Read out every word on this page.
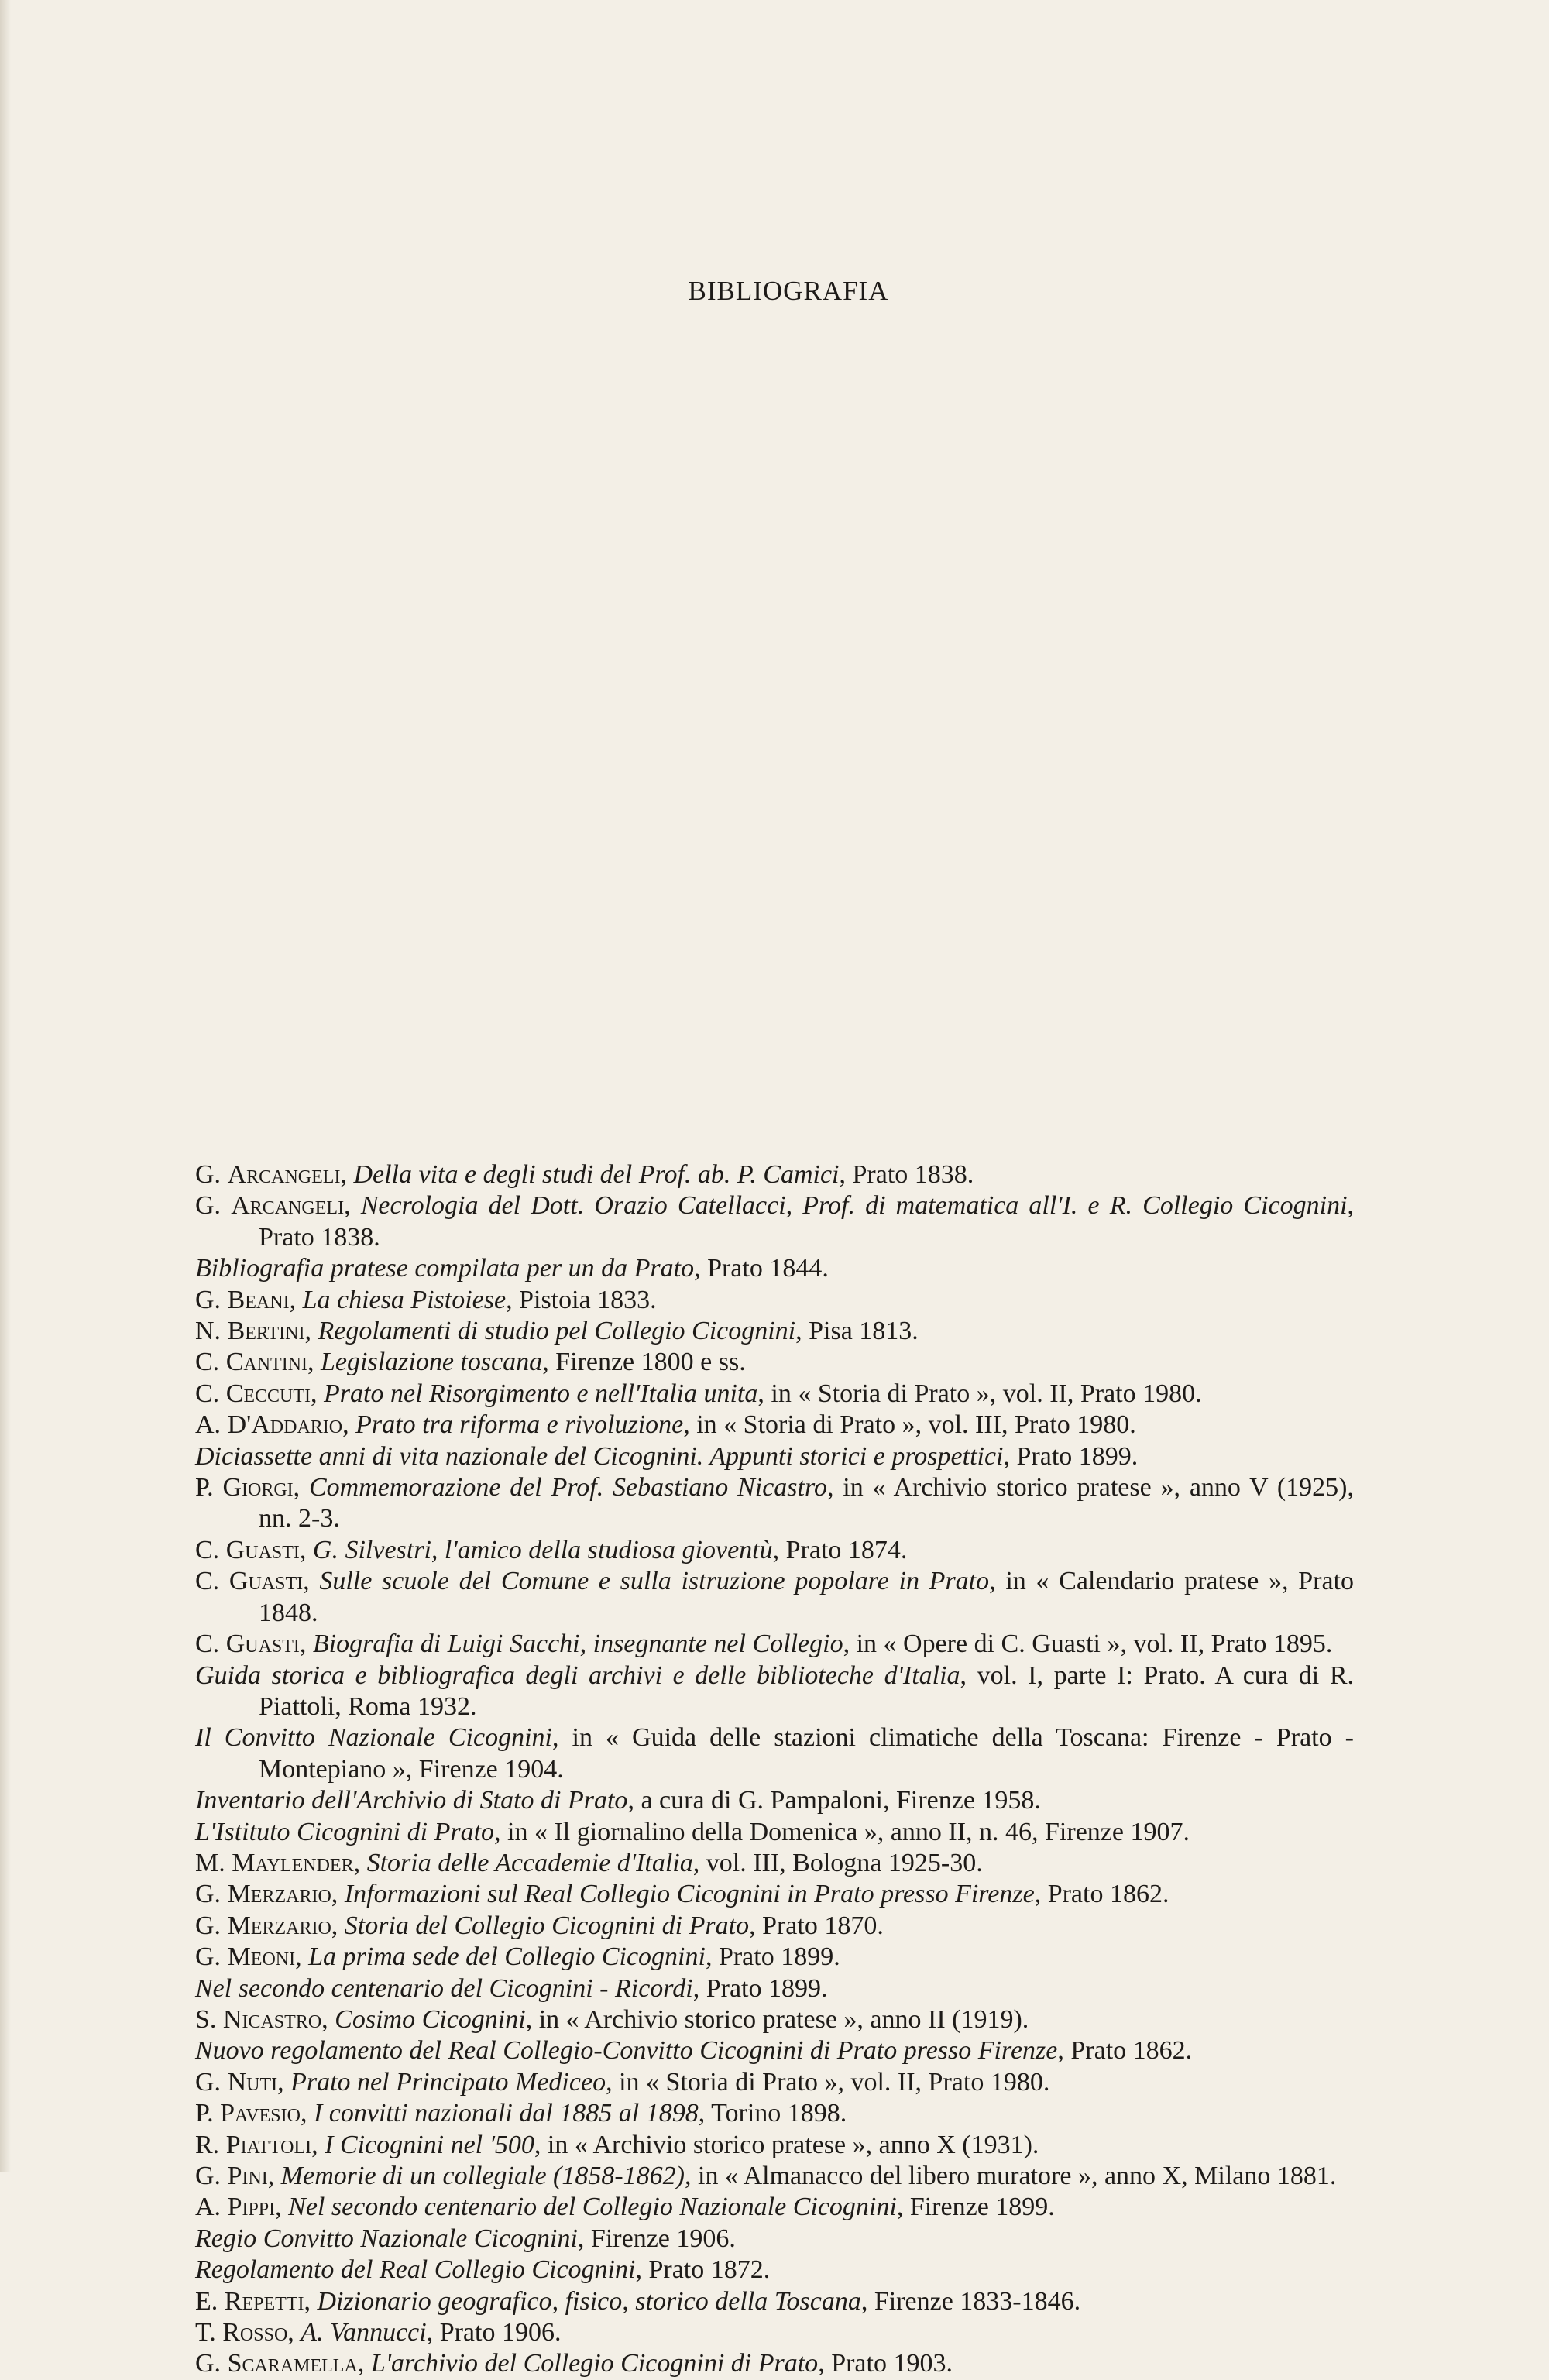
BIBLIOGRAFIA

G. Arcangeli, Della vita e degli studi del Prof. ab. P. Camici, Prato 1838.

G. Arcangeli, Necrologia del Dott. Orazio Catellacci, Prof. di matematica all'I. e R. Collegio Cicognini, Prato 1838.

Bibliografia pratese compilata per un da Prato, Prato 1844.

G. Beani, La chiesa Pistoiese, Pistoia 1833.

N. Bertini, Regolamenti di studio pel Collegio Cicognini, Pisa 1813.

C. Cantini, Legislazione toscana, Firenze 1800 e ss.

C. Ceccuti, Prato nel Risorgimento e nell'Italia unita, in « Storia di Prato », vol. II, Prato 1980.

A. D'Addario, Prato tra riforma e rivoluzione, in « Storia di Prato », vol. III, Prato 1980.

Diciassette anni di vita nazionale del Cicognini. Appunti storici e prospettici, Prato 1899.

P. Giorgi, Commemorazione del Prof. Sebastiano Nicastro, in « Archivio storico pratese », anno V (1925), nn. 2-3.

C. Guasti, G. Silvestri, l'amico della studiosa gioventù, Prato 1874.

C. Guasti, Sulle scuole del Comune e sulla istruzione popolare in Prato, in « Calendario pratese », Prato 1848.

C. Guasti, Biografia di Luigi Sacchi, insegnante nel Collegio, in « Opere di C. Guasti », vol. II, Prato 1895.

Guida storica e bibliografica degli archivi e delle biblioteche d'Italia, vol. I, parte I: Prato. A cura di R. Piattoli, Roma 1932.

Il Convitto Nazionale Cicognini, in « Guida delle stazioni climatiche della Toscana: Firenze - Prato - Montepiano », Firenze 1904.

Inventario dell'Archivio di Stato di Prato, a cura di G. Pampaloni, Firenze 1958.

L'Istituto Cicognini di Prato, in « Il giornalino della Domenica », anno II, n. 46, Firenze 1907.

M. Maylender, Storia delle Accademie d'Italia, vol. III, Bologna 1925-30.

G. Merzario, Informazioni sul Real Collegio Cicognini in Prato presso Firenze, Prato 1862.

G. Merzario, Storia del Collegio Cicognini di Prato, Prato 1870.

G. Meoni, La prima sede del Collegio Cicognini, Prato 1899.

Nel secondo centenario del Cicognini - Ricordi, Prato 1899.

S. Nicastro, Cosimo Cicognini, in « Archivio storico pratese », anno II (1919).

Nuovo regolamento del Real Collegio-Convitto Cicognini di Prato presso Firenze, Prato 1862.

G. Nuti, Prato nel Principato Mediceo, in « Storia di Prato », vol. II, Prato 1980.

P. Pavesio, I convitti nazionali dal 1885 al 1898, Torino 1898.

R. Piattoli, I Cicognini nel '500, in « Archivio storico pratese », anno X (1931).

G. Pini, Memorie di un collegiale (1858-1862), in « Almanacco del libero muratore », anno X, Milano 1881.

A. Pippi, Nel secondo centenario del Collegio Nazionale Cicognini, Firenze 1899.

Regio Convitto Nazionale Cicognini, Firenze 1906.

Regolamento del Real Collegio Cicognini, Prato 1872.

E. Repetti, Dizionario geografico, fisico, storico della Toscana, Firenze 1833-1846.

T. Rosso, A. Vannucci, Prato 1906.

G. Scaramella, L'archivio del Collegio Cicognini di Prato, Prato 1903.
